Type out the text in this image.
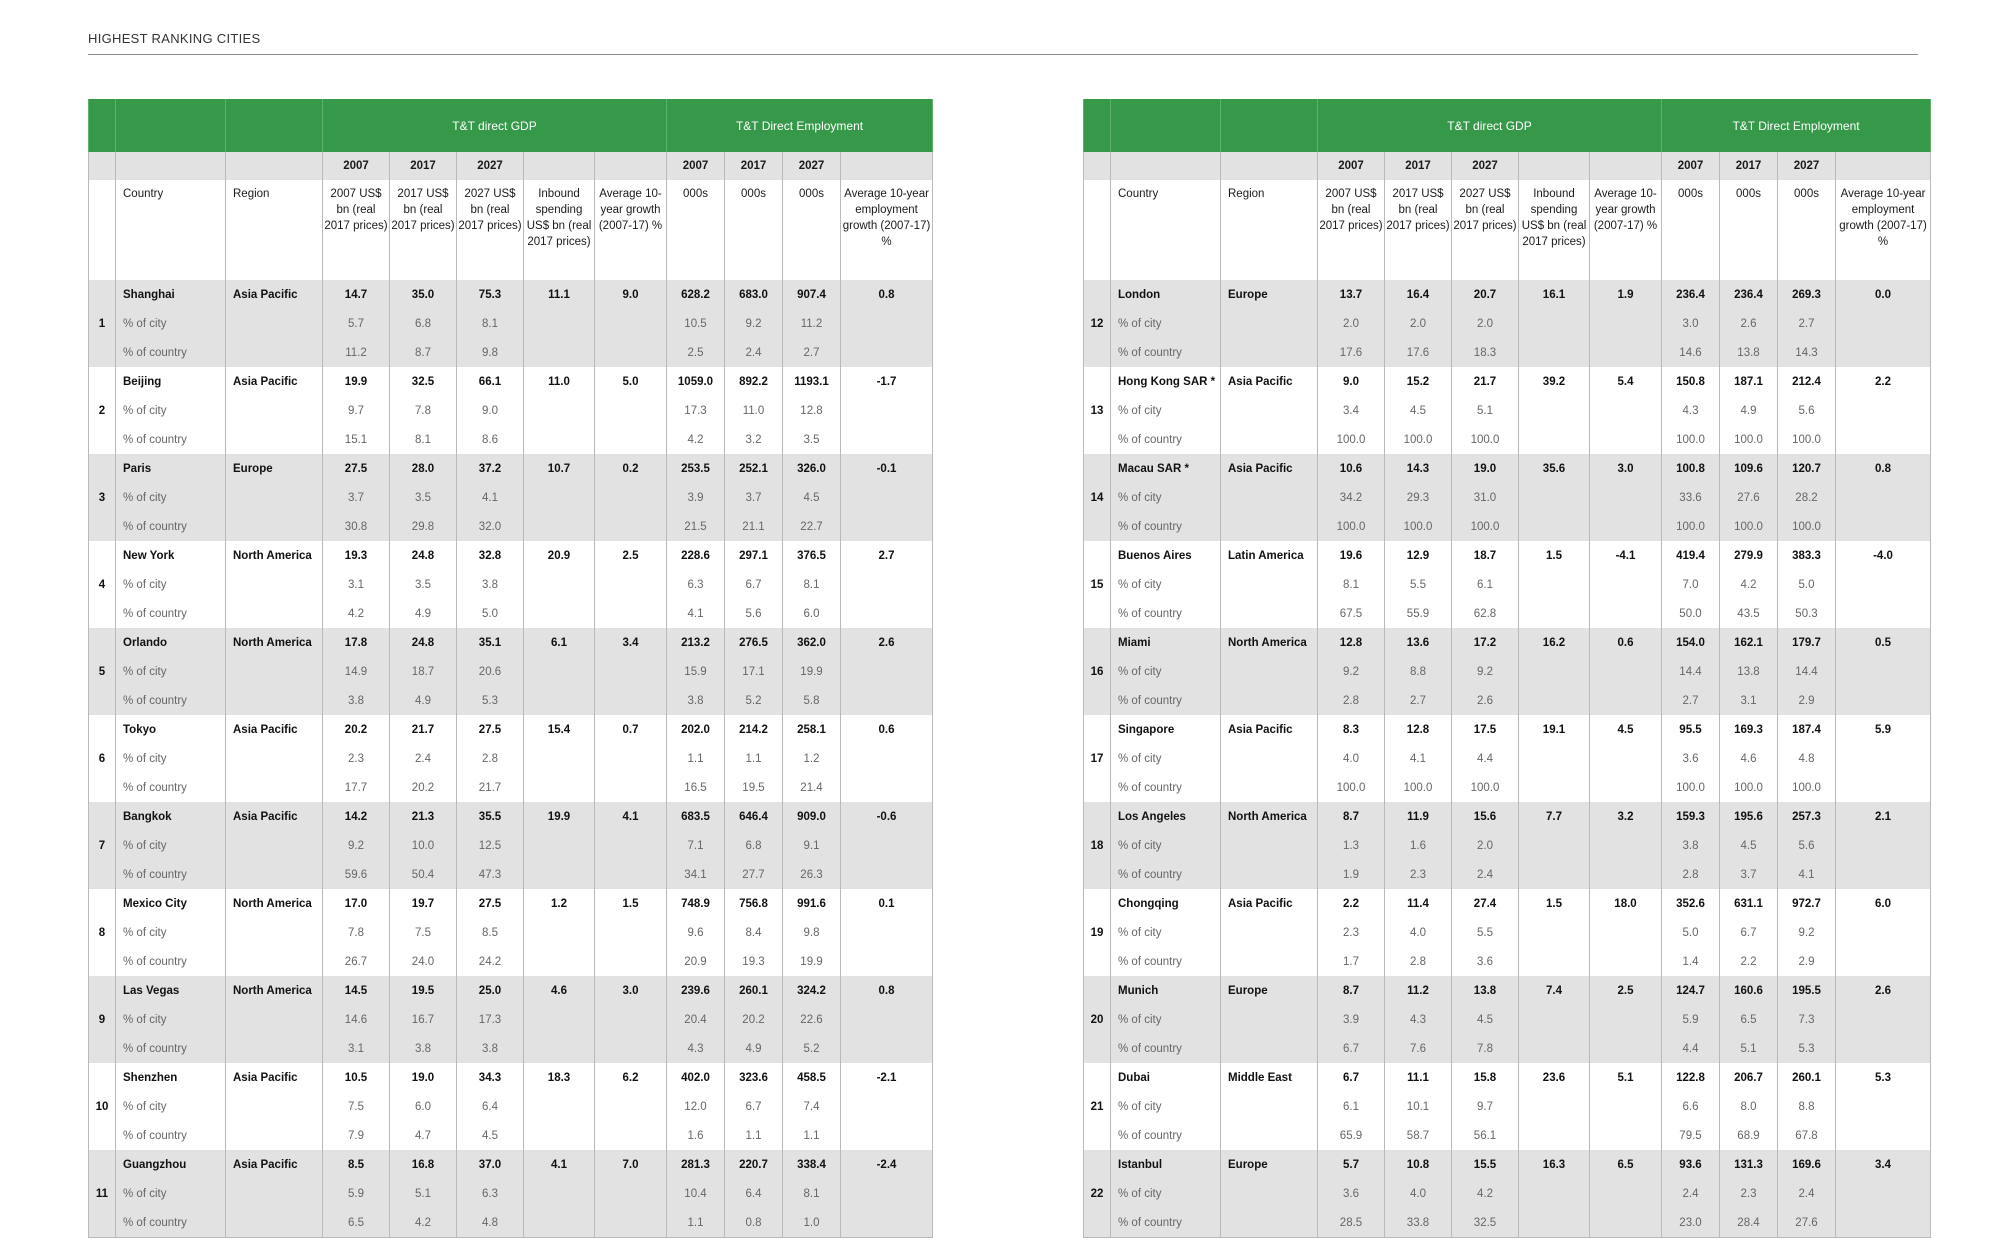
HIGHEST RANKING CITIES
			T&T direct GDP					T&T Direct Employment			
			2007	2017	2027			2007	2017	2027	
	Country	Region	2007 US$ bn (real 2017 prices)	2017 US$ bn (real 2017 prices)	2027 US$ bn (real 2017 prices)	Inbound spending US$ bn (real 2017 prices)	Average 10-year growth (2007-17) %	000s	000s	000s	Average 10-year employment growth (2007-17) %
1	Shanghai	Asia Pacific	14.7	35.0	75.3	11.1	9.0	628.2	683.0	907.4	0.8
	% of city		5.7	6.8	8.1			10.5	9.2	11.2	
	% of country		11.2	8.7	9.8			2.5	2.4	2.7	
2	Beijing	Asia Pacific	19.9	32.5	66.1	11.0	5.0	1059.0	892.2	1193.1	-1.7
	% of city		9.7	7.8	9.0			17.3	11.0	12.8	
	% of country		15.1	8.1	8.6			4.2	3.2	3.5	
3	Paris	Europe	27.5	28.0	37.2	10.7	0.2	253.5	252.1	326.0	-0.1
	% of city		3.7	3.5	4.1			3.9	3.7	4.5	
	% of country		30.8	29.8	32.0			21.5	21.1	22.7	
4	New York	North America	19.3	24.8	32.8	20.9	2.5	228.6	297.1	376.5	2.7
	% of city		3.1	3.5	3.8			6.3	6.7	8.1	
	% of country		4.2	4.9	5.0			4.1	5.6	6.0	
5	Orlando	North America	17.8	24.8	35.1	6.1	3.4	213.2	276.5	362.0	2.6
	% of city		14.9	18.7	20.6			15.9	17.1	19.9	
	% of country		3.8	4.9	5.3			3.8	5.2	5.8	
6	Tokyo	Asia Pacific	20.2	21.7	27.5	15.4	0.7	202.0	214.2	258.1	0.6
	% of city		2.3	2.4	2.8			1.1	1.1	1.2	
	% of country		17.7	20.2	21.7			16.5	19.5	21.4	
7	Bangkok	Asia Pacific	14.2	21.3	35.5	19.9	4.1	683.5	646.4	909.0	-0.6
	% of city		9.2	10.0	12.5			7.1	6.8	9.1	
	% of country		59.6	50.4	47.3			34.1	27.7	26.3	
8	Mexico City	North America	17.0	19.7	27.5	1.2	1.5	748.9	756.8	991.6	0.1
	% of city		7.8	7.5	8.5			9.6	8.4	9.8	
	% of country		26.7	24.0	24.2			20.9	19.3	19.9	
9	Las Vegas	North America	14.5	19.5	25.0	4.6	3.0	239.6	260.1	324.2	0.8
	% of city		14.6	16.7	17.3			20.4	20.2	22.6	
	% of country		3.1	3.8	3.8			4.3	4.9	5.2	
10	Shenzhen	Asia Pacific	10.5	19.0	34.3	18.3	6.2	402.0	323.6	458.5	-2.1
	% of city		7.5	6.0	6.4			12.0	6.7	7.4	
	% of country		7.9	4.7	4.5			1.6	1.1	1.1	
11	Guangzhou	Asia Pacific	8.5	16.8	37.0	4.1	7.0	281.3	220.7	338.4	-2.4
	% of city		5.9	5.1	6.3			10.4	6.4	8.1	
	% of country		6.5	4.2	4.8			1.1	0.8	1.0	
			T&T direct GDP					T&T Direct Employment			
			2007	2017	2027			2007	2017	2027	
	Country	Region	2007 US$ bn (real 2017 prices)	2017 US$ bn (real 2017 prices)	2027 US$ bn (real 2017 prices)	Inbound spending US$ bn (real 2017 prices)	Average 10-year growth (2007-17) %	000s	000s	000s	Average 10-year employment growth (2007-17) %
12	London	Europe	13.7	16.4	20.7	16.1	1.9	236.4	236.4	269.3	0.0
	% of city		2.0	2.0	2.0			3.0	2.6	2.7	
	% of country		17.6	17.6	18.3			14.6	13.8	14.3	
13	Hong Kong SAR *	Asia Pacific	9.0	15.2	21.7	39.2	5.4	150.8	187.1	212.4	2.2
	% of city		3.4	4.5	5.1			4.3	4.9	5.6	
	% of country		100.0	100.0	100.0			100.0	100.0	100.0	
14	Macau SAR *	Asia Pacific	10.6	14.3	19.0	35.6	3.0	100.8	109.6	120.7	0.8
	% of city		34.2	29.3	31.0			33.6	27.6	28.2	
	% of country		100.0	100.0	100.0			100.0	100.0	100.0	
15	Buenos Aires	Latin America	19.6	12.9	18.7	1.5	-4.1	419.4	279.9	383.3	-4.0
	% of city		8.1	5.5	6.1			7.0	4.2	5.0	
	% of country		67.5	55.9	62.8			50.0	43.5	50.3	
16	Miami	North America	12.8	13.6	17.2	16.2	0.6	154.0	162.1	179.7	0.5
	% of city		9.2	8.8	9.2			14.4	13.8	14.4	
	% of country		2.8	2.7	2.6			2.7	3.1	2.9	
17	Singapore	Asia Pacific	8.3	12.8	17.5	19.1	4.5	95.5	169.3	187.4	5.9
	% of city		4.0	4.1	4.4			3.6	4.6	4.8	
	% of country		100.0	100.0	100.0			100.0	100.0	100.0	
18	Los Angeles	North America	8.7	11.9	15.6	7.7	3.2	159.3	195.6	257.3	2.1
	% of city		1.3	1.6	2.0			3.8	4.5	5.6	
	% of country		1.9	2.3	2.4			2.8	3.7	4.1	
19	Chongqing	Asia Pacific	2.2	11.4	27.4	1.5	18.0	352.6	631.1	972.7	6.0
	% of city		2.3	4.0	5.5			5.0	6.7	9.2	
	% of country		1.7	2.8	3.6			1.4	2.2	2.9	
20	Munich	Europe	8.7	11.2	13.8	7.4	2.5	124.7	160.6	195.5	2.6
	% of city		3.9	4.3	4.5			5.9	6.5	7.3	
	% of country		6.7	7.6	7.8			4.4	5.1	5.3	
21	Dubai	Middle East	6.7	11.1	15.8	23.6	5.1	122.8	206.7	260.1	5.3
	% of city		6.1	10.1	9.7			6.6	8.0	8.8	
	% of country		65.9	58.7	56.1			79.5	68.9	67.8	
22	Istanbul	Europe	5.7	10.8	15.5	16.3	6.5	93.6	131.3	169.6	3.4
	% of city		3.6	4.0	4.2			2.4	2.3	2.4	
	% of country		28.5	33.8	32.5			23.0	28.4	27.6	
